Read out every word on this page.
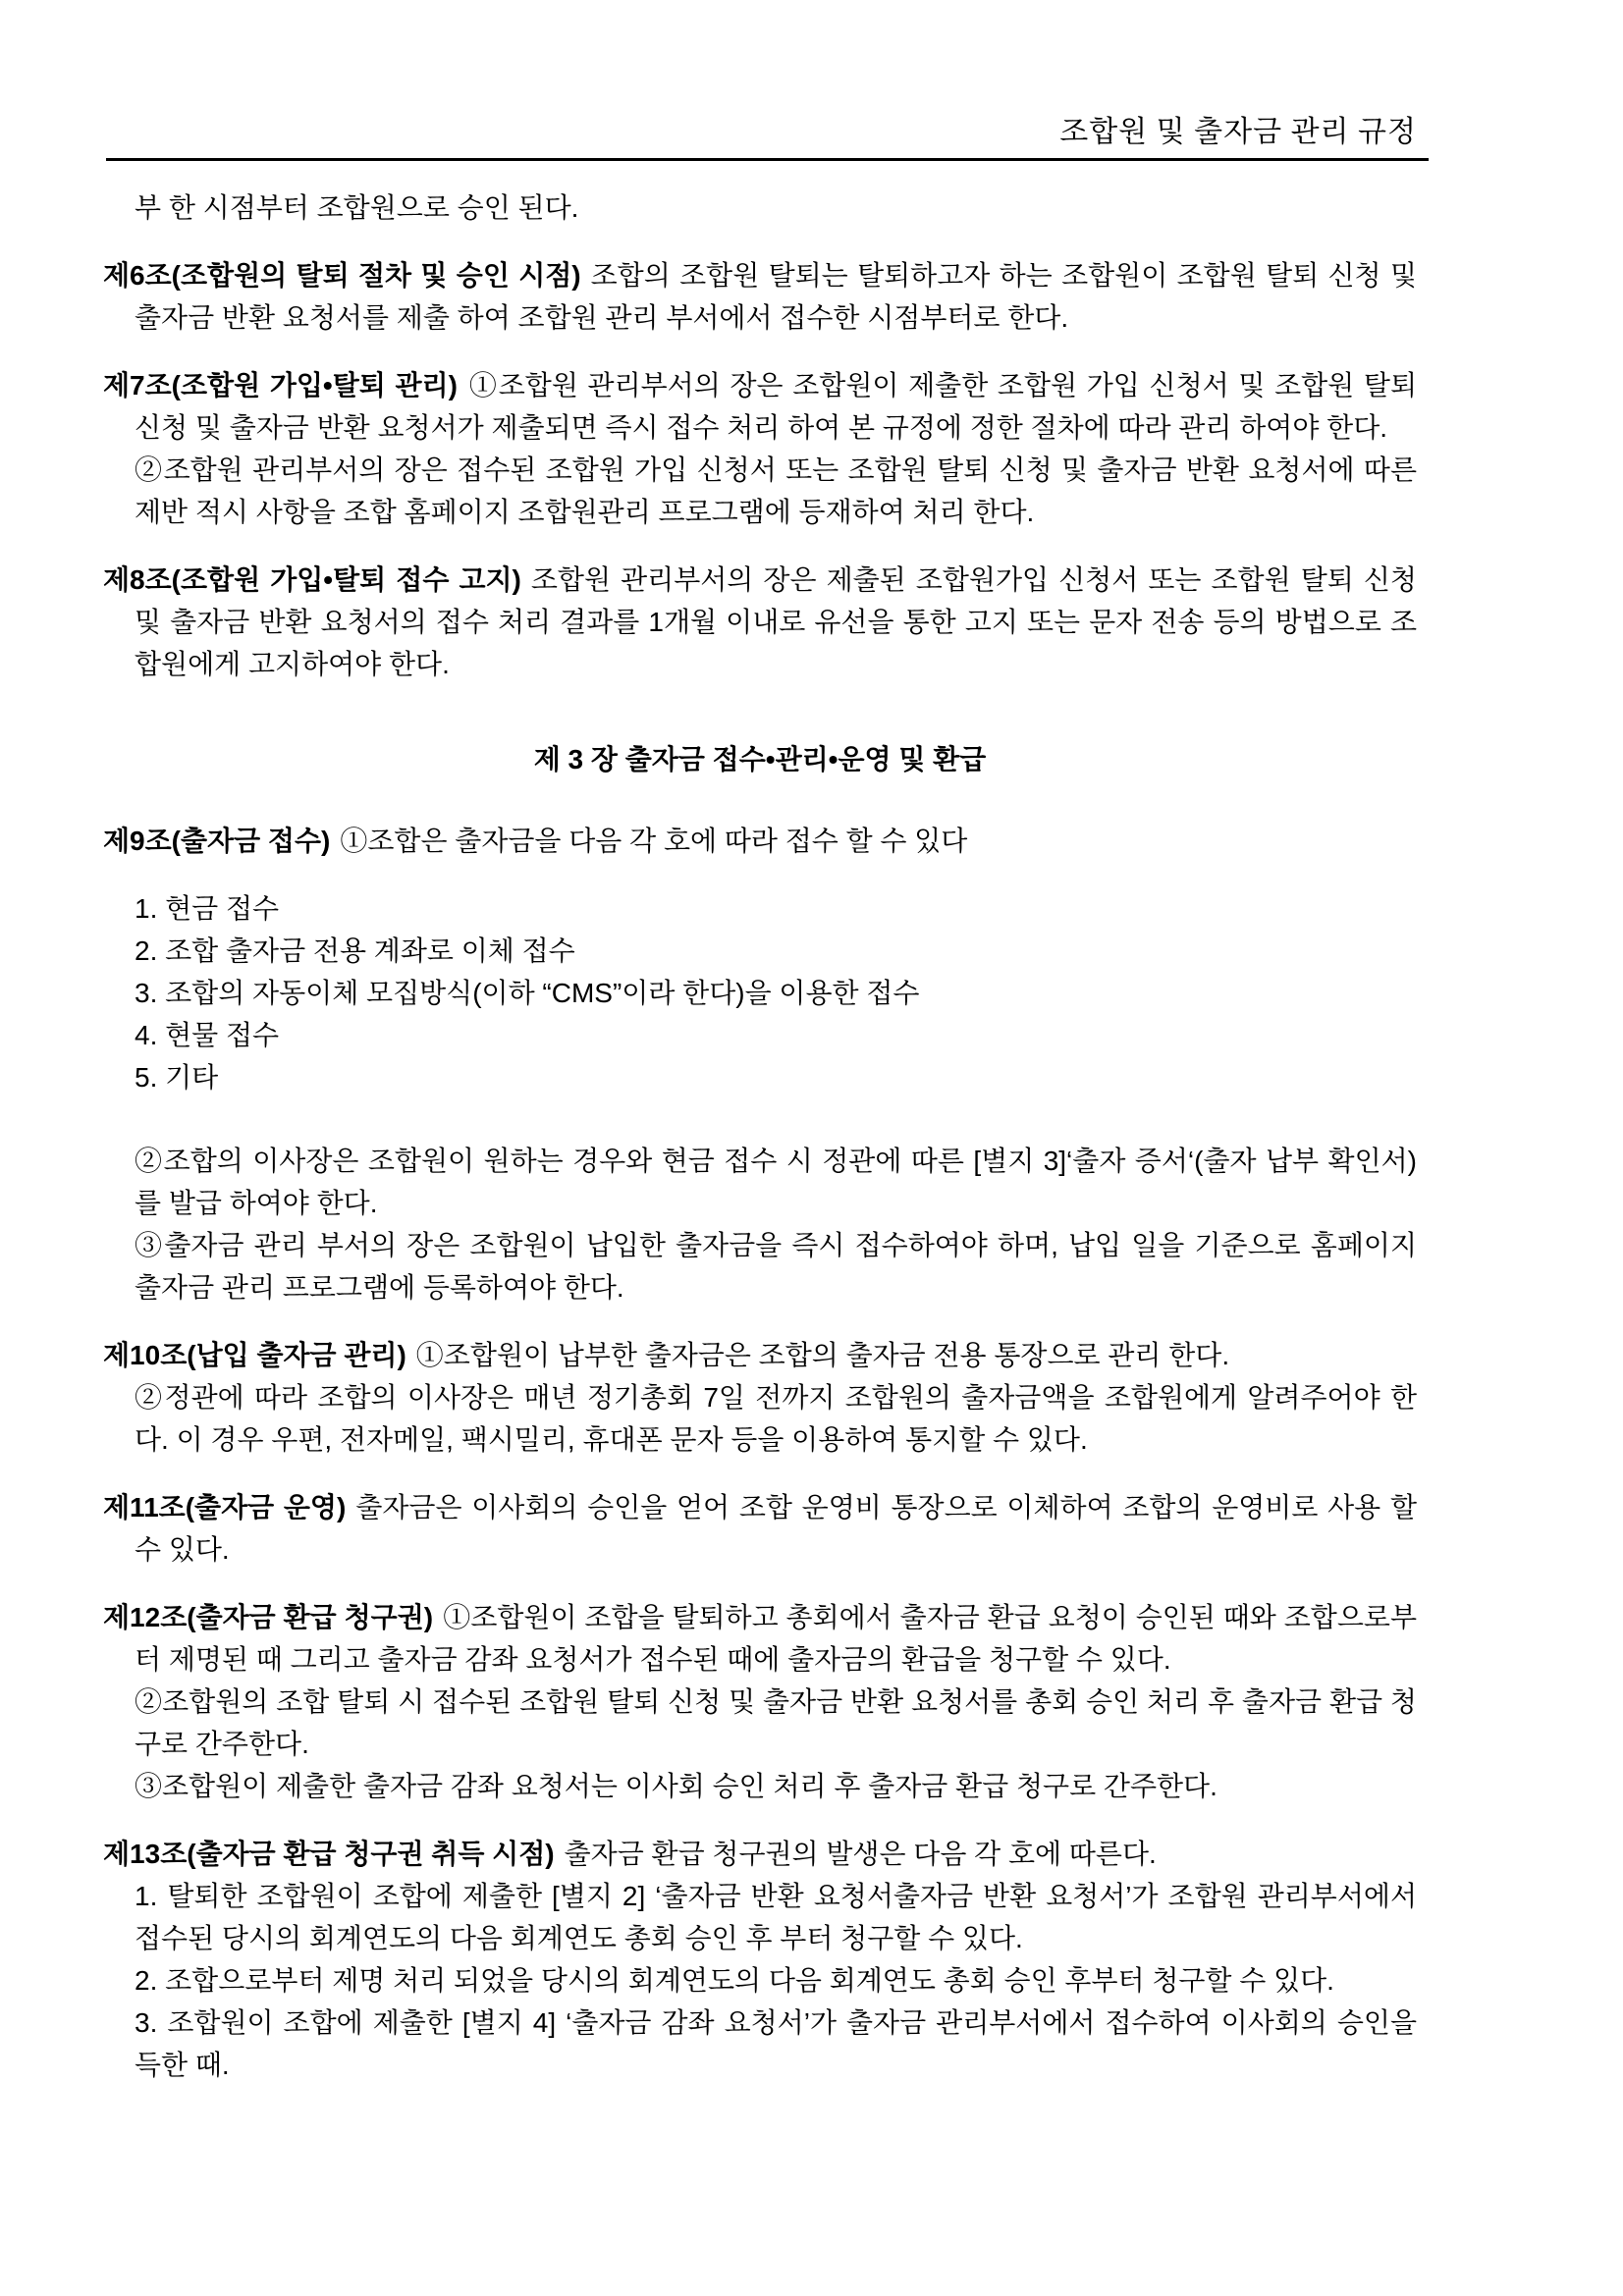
조합원 및 출자금 관리 규정
부 한 시점부터 조합원으로 승인 된다.
제6조(조합원의 탈퇴 절차 및 승인 시점) 조합의 조합원 탈퇴는 탈퇴하고자 하는 조합원이 조합원 탈퇴 신청 및 출자금 반환 요청서를 제출 하여 조합원 관리 부서에서 접수한 시점부터로 한다.
제7조(조합원 가입•탈퇴 관리) ①조합원 관리부서의 장은 조합원이 제출한 조합원 가입 신청서 및 조합원 탈퇴 신청 및 출자금 반환 요청서가 제출되면 즉시 접수 처리 하여 본 규정에 정한 절차에 따라 관리 하여야 한다.
②조합원 관리부서의 장은 접수된 조합원 가입 신청서 또는 조합원 탈퇴 신청 및 출자금 반환 요청서에 따른 제반 적시 사항을 조합 홈페이지 조합원관리 프로그램에 등재하여 처리 한다.
제8조(조합원 가입•탈퇴 접수 고지) 조합원 관리부서의 장은 제출된 조합원가입 신청서 또는 조합원 탈퇴 신청 및 출자금 반환 요청서의 접수 처리 결과를 1개월 이내로 유선을 통한 고지 또는 문자 전송 등의 방법으로 조합원에게 고지하여야 한다.
제 3 장 출자금 접수•관리•운영 및 환급
제9조(출자금 접수) ①조합은 출자금을 다음 각 호에 따라 접수 할 수 있다
1. 현금 접수
2. 조합 출자금 전용 계좌로 이체 접수
3. 조합의 자동이체 모집방식(이하 “CMS”이라 한다)을 이용한 접수
4. 현물 접수
5. 기타
②조합의 이사장은 조합원이 원하는 경우와 현금 접수 시 정관에 따른 [별지 3]‘출자 증서‘(출자 납부 확인서)를 발급 하여야 한다.
③출자금 관리 부서의 장은 조합원이 납입한 출자금을 즉시 접수하여야 하며, 납입 일을 기준으로 홈페이지 출자금 관리 프로그램에 등록하여야 한다.
제10조(납입 출자금 관리) ①조합원이 납부한 출자금은 조합의 출자금 전용 통장으로 관리 한다.
②정관에 따라 조합의 이사장은 매년 정기총회 7일 전까지 조합원의 출자금액을 조합원에게 알려주어야 한다. 이 경우 우편, 전자메일, 팩시밀리, 휴대폰 문자 등을 이용하여 통지할 수 있다.
제11조(출자금 운영) 출자금은 이사회의 승인을 얻어 조합 운영비 통장으로 이체하여 조합의 운영비로 사용 할 수 있다.
제12조(출자금 환급 청구권) ①조합원이 조합을 탈퇴하고 총회에서 출자금 환급 요청이 승인된 때와 조합으로부터 제명된 때 그리고 출자금 감좌 요청서가 접수된 때에 출자금의 환급을 청구할 수 있다.
②조합원의 조합 탈퇴 시 접수된 조합원 탈퇴 신청 및 출자금 반환 요청서를 총회 승인 처리 후 출자금 환급 청구로 간주한다.
③조합원이 제출한 출자금 감좌 요청서는 이사회 승인 처리 후 출자금 환급 청구로 간주한다.
제13조(출자금 환급 청구권 취득 시점) 출자금 환급 청구권의 발생은 다음 각 호에 따른다.
1. 탈퇴한 조합원이 조합에 제출한 [별지 2] ‘출자금 반환 요청서출자금 반환 요청서’가 조합원 관리부서에서 접수된 당시의 회계연도의 다음 회계연도 총회 승인 후 부터 청구할 수 있다.
2. 조합으로부터 제명 처리 되었을 당시의 회계연도의 다음 회계연도 총회 승인 후부터 청구할 수 있다.
3. 조합원이 조합에 제출한 [별지 4] ‘출자금 감좌 요청서’가 출자금 관리부서에서 접수하여 이사회의 승인을 득한 때.
